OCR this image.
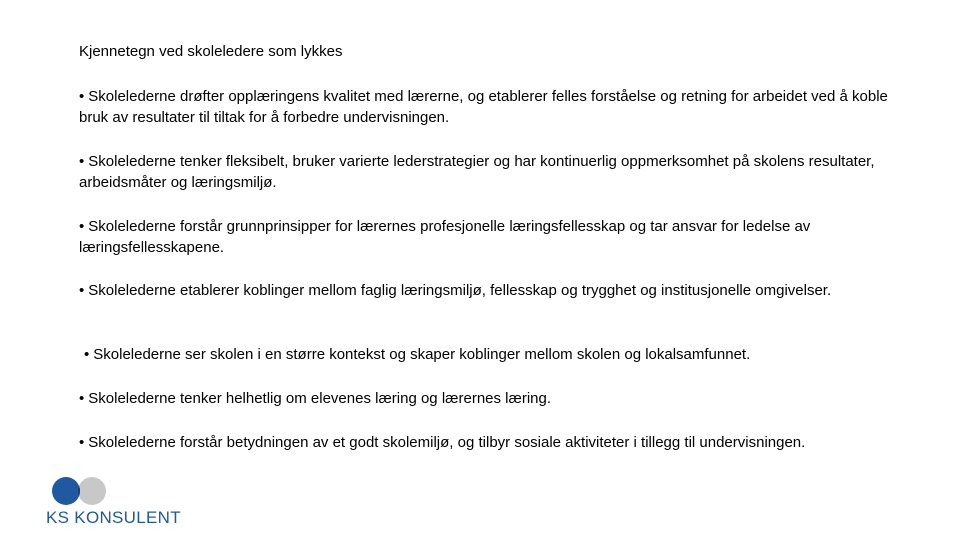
Kjennetegn ved skoleledere som lykkes
• Skolelederne drøfter opplæringens kvalitet med lærerne, og etablerer felles forståelse og retning for arbeidet ved å koble bruk av resultater til tiltak for å forbedre undervisningen.
• Skolelederne tenker fleksibelt, bruker varierte lederstrategier og har kontinuerlig oppmerksomhet på skolens resultater, arbeidsmåter og læringsmiljø.
• Skolelederne forstår grunnprinsipper for lærernes profesjonelle læringsfellesskap og tar ansvar for ledelse av læringsfellesskapene.
• Skolelederne etablerer koblinger mellom faglig læringsmiljø, fellesskap og trygghet og institusjonelle omgivelser.
• Skolelederne ser skolen i en større kontekst og skaper koblinger mellom skolen og lokalsamfunnet.
• Skolelederne tenker helhetlig om elevenes læring og lærernes læring.
• Skolelederne forstår betydningen av et godt skolemiljø, og tilbyr sosiale aktiviteter i tillegg til undervisningen.
KS KONSULENT
